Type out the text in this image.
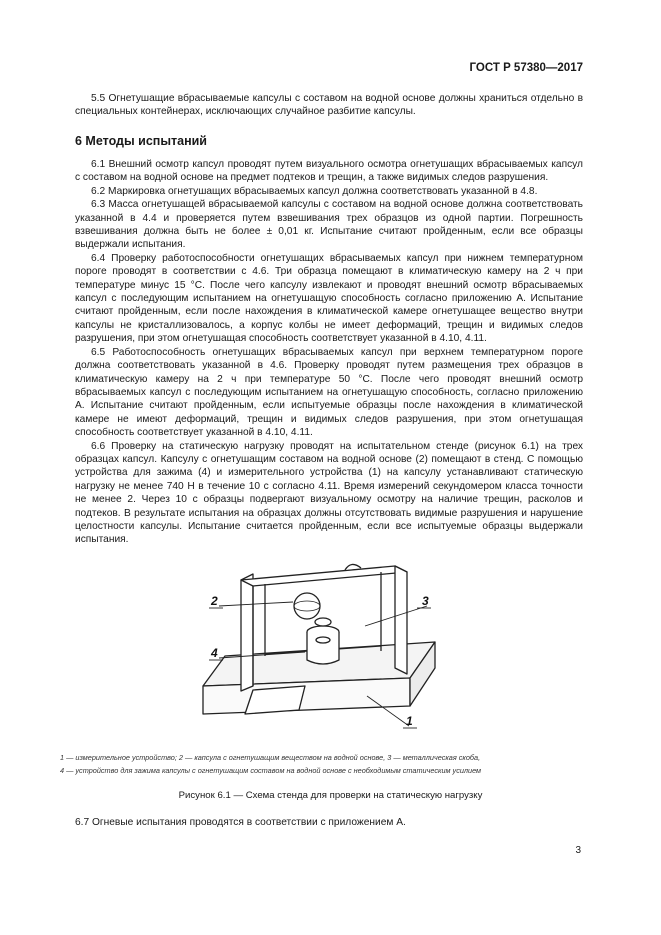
ГОСТ Р 57380—2017

5.5 Огнетушащие вбрасываемые капсулы с составом на водной основе должны храниться отдельно в специальных контейнерах, исключающих случайное разбитие капсулы.

6 Методы испытаний

6.1 Внешний осмотр капсул проводят путем визуального осмотра огнетушащих вбрасываемых капсул с составом на водной основе на предмет подтеков и трещин, а также видимых следов разрушения.

6.2 Маркировка огнетушащих вбрасываемых капсул должна соответствовать указанной в 4.8.

6.3 Масса огнетушащей вбрасываемой капсулы с составом на водной основе должна соответствовать указанной в 4.4 и проверяется путем взвешивания трех образцов из одной партии. Погрешность взвешивания должна быть не более ± 0,01 кг. Испытание считают пройденным, если все образцы выдержали испытания.

6.4 Проверку работоспособности огнетушащих вбрасываемых капсул при нижнем температурном пороге проводят в соответствии с 4.6. Три образца помещают в климатическую камеру на 2 ч при температуре минус 15 °С. После чего капсулу извлекают и проводят внешний осмотр вбрасываемых капсул с последующим испытанием на огнетушащую способность согласно приложению А. Испытание считают пройденным, если после нахождения в климатической камере огнетушащее вещество внутри капсулы не кристаллизовалось, а корпус колбы не имеет деформаций, трещин и видимых следов разрушения, при этом огнетушащая способность соответствует указанной в 4.10, 4.11.

6.5 Работоспособность огнетушащих вбрасываемых капсул при верхнем температурном пороге должна соответствовать указанной в 4.6. Проверку проводят путем размещения трех образцов в климатическую камеру на 2 ч при температуре 50 °С. После чего проводят внешний осмотр вбрасываемых капсул с последующим испытанием на огнетушащую способность, согласно приложению А. Испытание считают пройденным, если испытуемые образцы после нахождения в климатической камере не имеют деформаций, трещин и видимых следов разрушения, при этом огнетушащая способность соответствует указанной в 4.10, 4.11.

6.6 Проверку на статическую нагрузку проводят на испытательном стенде (рисунок 6.1) на трех образцах капсул. Капсулу с огнетушащим составом на водной основе (2) помещают в стенд. С помощью устройства для зажима (4) и измерительного устройства (1) на капсулу устанавливают статическую нагрузку не менее 740 Н в течение 10 с согласно 4.11. Время измерений секундомером класса точности не менее 2. Через 10 с образцы подвергают визуальному осмотру на наличие трещин, расколов и подтеков. В результате испытания на образцах должны отсутствовать видимые разрушения и нарушение целостности капсулы. Испытание считается пройденным, если все испытуемые образцы выдержали испытания.

2
4
3
1
1 — измерительное устройство; 2 — капсула с огнетушащим веществом на водной основе, 3 — металлическая скоба,
4 — устройство для зажима капсулы с огнетушащим составом на водной основе с необходимым статическим усилием
Рисунок 6.1 — Схема стенда для проверки на статическую нагрузку
6.7 Огневые испытания проводятся в соответствии с приложением А.
3
